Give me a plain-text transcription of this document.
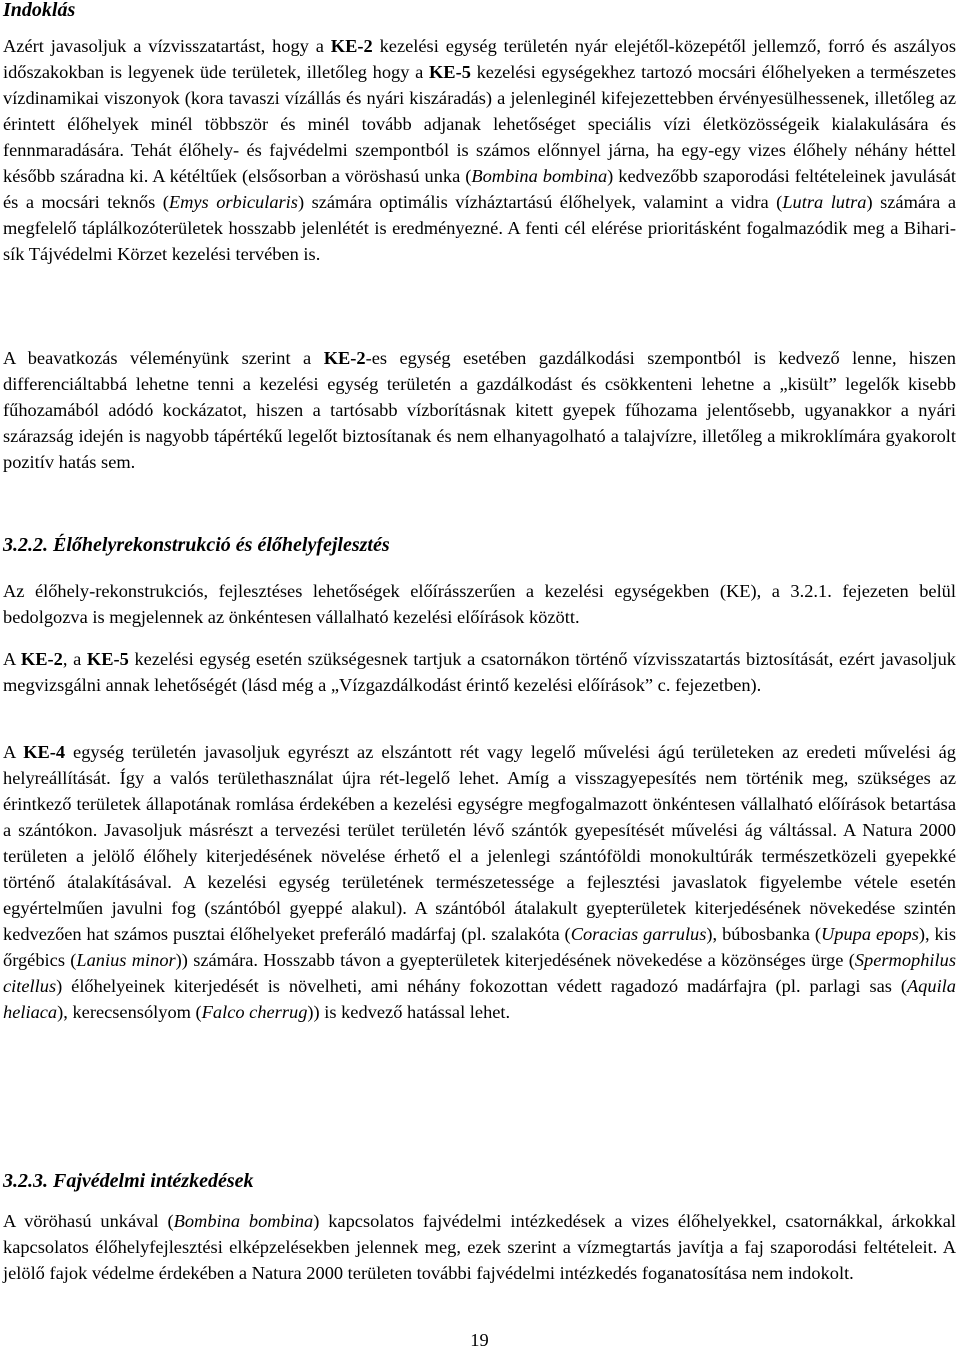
Indoklás

Azért javasoljuk a vízvisszatartást, hogy a KE-2 kezelési egység területén nyár elejétől-közepétől jellemző, forró és aszályos időszakokban is legyenek üde területek, illetőleg hogy a KE-5 kezelési egységekhez tartozó mocsári élőhelyeken a természetes vízdinamikai viszonyok (kora tavaszi vízállás és nyári kiszáradás) a jelenleginél kifejezettebben érvényesülhessenek, illetőleg az érintett élőhelyek minél többször és minél tovább adjanak lehetőséget speciális vízi életközösségeik kialakulására és fennmaradására. Tehát élőhely- és fajvédelmi szempontból is számos előnnyel járna, ha egy-egy vizes élőhely néhány héttel később száradna ki. A kétéltűek (elsősorban a vöröshasú unka (Bombina bombina) kedvezőbb szaporodási feltételeinek javulását és a mocsári teknős (Emys orbicularis) számára optimális vízháztartású élőhelyek, valamint a vidra (Lutra lutra) számára a megfelelő táplálkozóterületek hosszabb jelenlétét is eredményezné. A fenti cél elérése prioritásként fogalmazódik meg a Bihari-sík Tájvédelmi Körzet kezelési tervében is.

A beavatkozás véleményünk szerint a KE-2-es egység esetében gazdálkodási szempontból is kedvező lenne, hiszen differenciáltabbá lehetne tenni a kezelési egység területén a gazdálkodást és csökkenteni lehetne a „kisült” legelők kisebb fűhozamából adódó kockázatot, hiszen a tartósabb vízborításnak kitett gyepek fűhozama jelentősebb, ugyanakkor a nyári szárazság idején is nagyobb tápértékű legelőt biztosítanak és nem elhanyagolható a talajvízre, illetőleg a mikroklímára gyakorolt pozitív hatás sem.

3.2.2. Élőhelyrekonstrukció és élőhelyfejlesztés

Az élőhely-rekonstrukciós, fejlesztéses lehetőségek előírásszerűen a kezelési egységekben (KE), a 3.2.1. fejezeten belül bedolgozva is megjelennek az önkéntesen vállalható kezelési előírások között.

A KE-2, a KE-5 kezelési egység esetén szükségesnek tartjuk a csatornákon történő vízvisszatartás biztosítását, ezért javasoljuk megvizsgálni annak lehetőségét (lásd még a „Vízgazdálkodást érintő kezelési előírások” c. fejezetben).

A KE-4 egység területén javasoljuk egyrészt az elszántott rét vagy legelő művelési ágú területeken az eredeti művelési ág helyreállítását. Így a valós területhasználat újra rét-legelő lehet. Amíg a visszagyepesítés nem történik meg, szükséges az érintkező területek állapotának romlása érdekében a kezelési egységre megfogalmazott önkéntesen vállalható előírások betartása a szántókon. Javasoljuk másrészt a tervezési terület területén lévő szántók gyepesítését művelési ág váltással. A Natura 2000 területen a jelölő élőhely kiterjedésének növelése érhető el a jelenlegi szántóföldi monokultúrák természetközeli gyepekké történő átalakításával. A kezelési egység területének természetessége a fejlesztési javaslatok figyelembe vétele esetén egyértelműen javulni fog (szántóból gyeppé alakul). A szántóból átalakult gyepterületek kiterjedésének növekedése szintén kedvezően hat számos pusztai élőhelyeket preferáló madárfaj (pl. szalakóta (Coracias garrulus), búbosbanka (Upupa epops), kis őrgébics (Lanius minor)) számára. Hosszabb távon a gyepterületek kiterjedésének növekedése a közönséges ürge (Spermophilus citellus) élőhelyeinek kiterjedését is növelheti, ami néhány fokozottan védett ragadozó madárfajra (pl. parlagi sas (Aquila heliaca), kerecsensólyom (Falco cherrug)) is kedvező hatással lehet.

3.2.3. Fajvédelmi intézkedések

A vöröhasú unkával (Bombina bombina) kapcsolatos fajvédelmi intézkedések a vizes élőhelyekkel, csatornákkal, árkokkal kapcsolatos élőhelyfejlesztési elképzelésekben jelennek meg, ezek szerint a vízmegtartás javítja a faj szaporodási feltételeit. A jelölő fajok védelme érdekében a Natura 2000 területen további fajvédelmi intézkedés foganatosítása nem indokolt.

19
